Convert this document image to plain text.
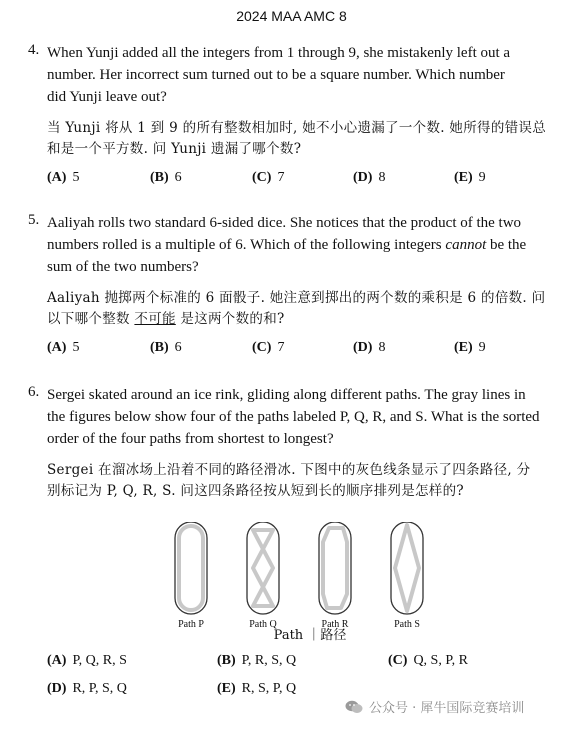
2024 MAA AMC 8
4. When Yunji added all the integers from 1 through 9, she mistakenly left out a
number. Her incorrect sum turned out to be a square number. Which number
did Yunji leave out?
当 Yunji 将从 1 到 9 的所有整数相加时, 她不小心遗漏了一个数. 她所得的错误总
和是一个平方数. 问 Yunji 遗漏了哪个数?
(A) 5	(B) 6	(C) 7	(D) 8	(E) 9
5. Aaliyah rolls two standard 6-sided dice. She notices that the product of the two
numbers rolled is a multiple of 6. Which of the following integers cannot be the
sum of the two numbers?
Aaliyah 抛掷两个标准的 6 面骰子. 她注意到掷出的两个数的乘积是 6 的倍数. 问
以下哪个整数 不可能 是这两个数的和?
(A) 5	(B) 6	(C) 7	(D) 8	(E) 9
6. Sergei skated around an ice rink, gliding along different paths. The gray lines in
the figures below show four of the paths labeled P, Q, R, and S. What is the sorted
order of the four paths from shortest to longest?
Sergei 在溜冰场上沿着不同的路径滑冰. 下图中的灰色线条显示了四条路径, 分
别标记为 P, Q, R, S. 问这四条路径按从短到长的顺序排列是怎样的?
Path P	Path Q	Path R	Path S
Path ｜路径
(A) P, Q, R, S	(B) P, R, S, Q	(C) Q, S, P, R
(D) R, P, S, Q	(E) R, S, P, Q
公众号 · 犀牛国际竞赛培训
